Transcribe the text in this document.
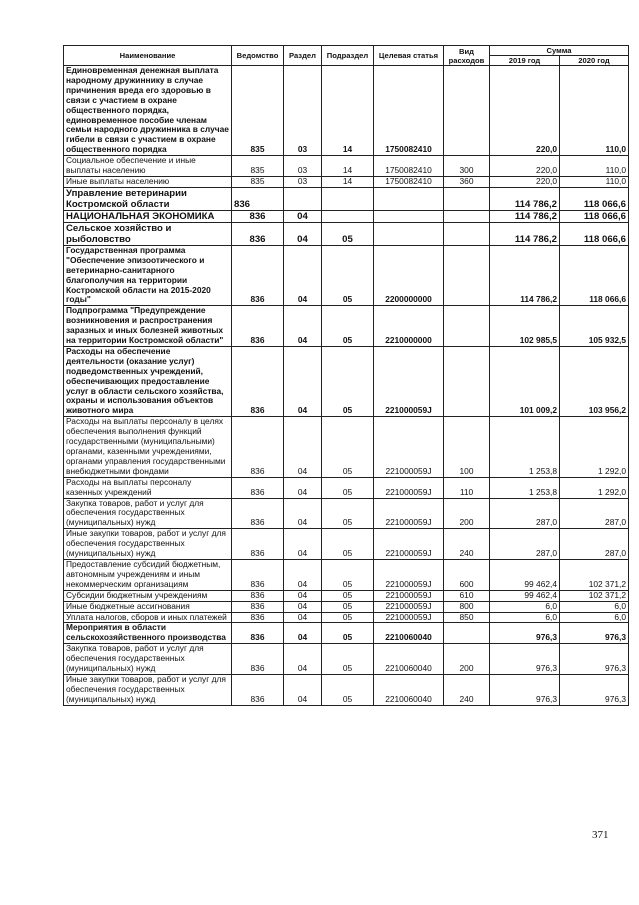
Наименование	Ведомство	Раздел	Подраздел	Целевая статья	Вид расходов	Сумма	
						2019 год	2020 год
Единовременная денежная выплата народному дружиннику в случае причинения вреда его здоровью в связи с участием в охране общественного порядка, единовременное пособие членам семьи народного дружинника в случае гибели в связи с участием в охране общественного порядка	835	03	14	1750082410		220,0	110,0
Социальное обеспечение и иные выплаты населению	835	03	14	1750082410	300	220,0	110,0
Иные выплаты населению	835	03	14	1750082410	360	220,0	110,0
Управление ветеринарии Костромской области	836					114 786,2	118 066,6
НАЦИОНАЛЬНАЯ ЭКОНОМИКА	836	04				114 786,2	118 066,6
Сельское хозяйство и рыболовство	836	04	05			114 786,2	118 066,6
Государственная программа "Обеспечение эпизоотического и ветеринарно-санитарного благополучия на территории Костромской области на 2015-2020 годы"	836	04	05	2200000000		114 786,2	118 066,6
Подпрограмма "Предупреждение возникновения и распространения заразных и иных болезней животных на территории Костромской области"	836	04	05	2210000000		102 985,5	105 932,5
Расходы на обеспечение деятельности (оказание услуг) подведомственных учреждений, обеспечивающих предоставление услуг в области сельского хозяйства, охраны и использования объектов животного мира	836	04	05	221000059J		101 009,2	103 956,2
Расходы на выплаты персоналу в целях обеспечения выполнения функций государственными (муниципальными) органами, казенными учреждениями, органами управления государственными внебюджетными фондами	836	04	05	221000059J	100	1 253,8	1 292,0
Расходы на выплаты персоналу казенных учреждений	836	04	05	221000059J	110	1 253,8	1 292,0
Закупка товаров, работ и услуг для обеспечения государственных (муниципальных) нужд	836	04	05	221000059J	200	287,0	287,0
Иные закупки товаров, работ и услуг для обеспечения государственных (муниципальных) нужд	836	04	05	221000059J	240	287,0	287,0
Предоставление субсидий бюджетным, автономным учреждениям и иным некоммерческим организациям	836	04	05	221000059J	600	99 462,4	102 371,2
Субсидии бюджетным учреждениям	836	04	05	221000059J	610	99 462,4	102 371,2
Иные бюджетные ассигнования	836	04	05	221000059J	800	6,0	6,0
Уплата налогов, сборов и иных платежей	836	04	05	221000059J	850	6,0	6,0
Мероприятия в области сельскохозяйственного производства	836	04	05	2210060040		976,3	976,3
Закупка товаров, работ и услуг для обеспечения государственных (муниципальных) нужд	836	04	05	2210060040	200	976,3	976,3
Иные закупки товаров, работ и услуг для обеспечения государственных (муниципальных) нужд	836	04	05	2210060040	240	976,3	976,3
371
